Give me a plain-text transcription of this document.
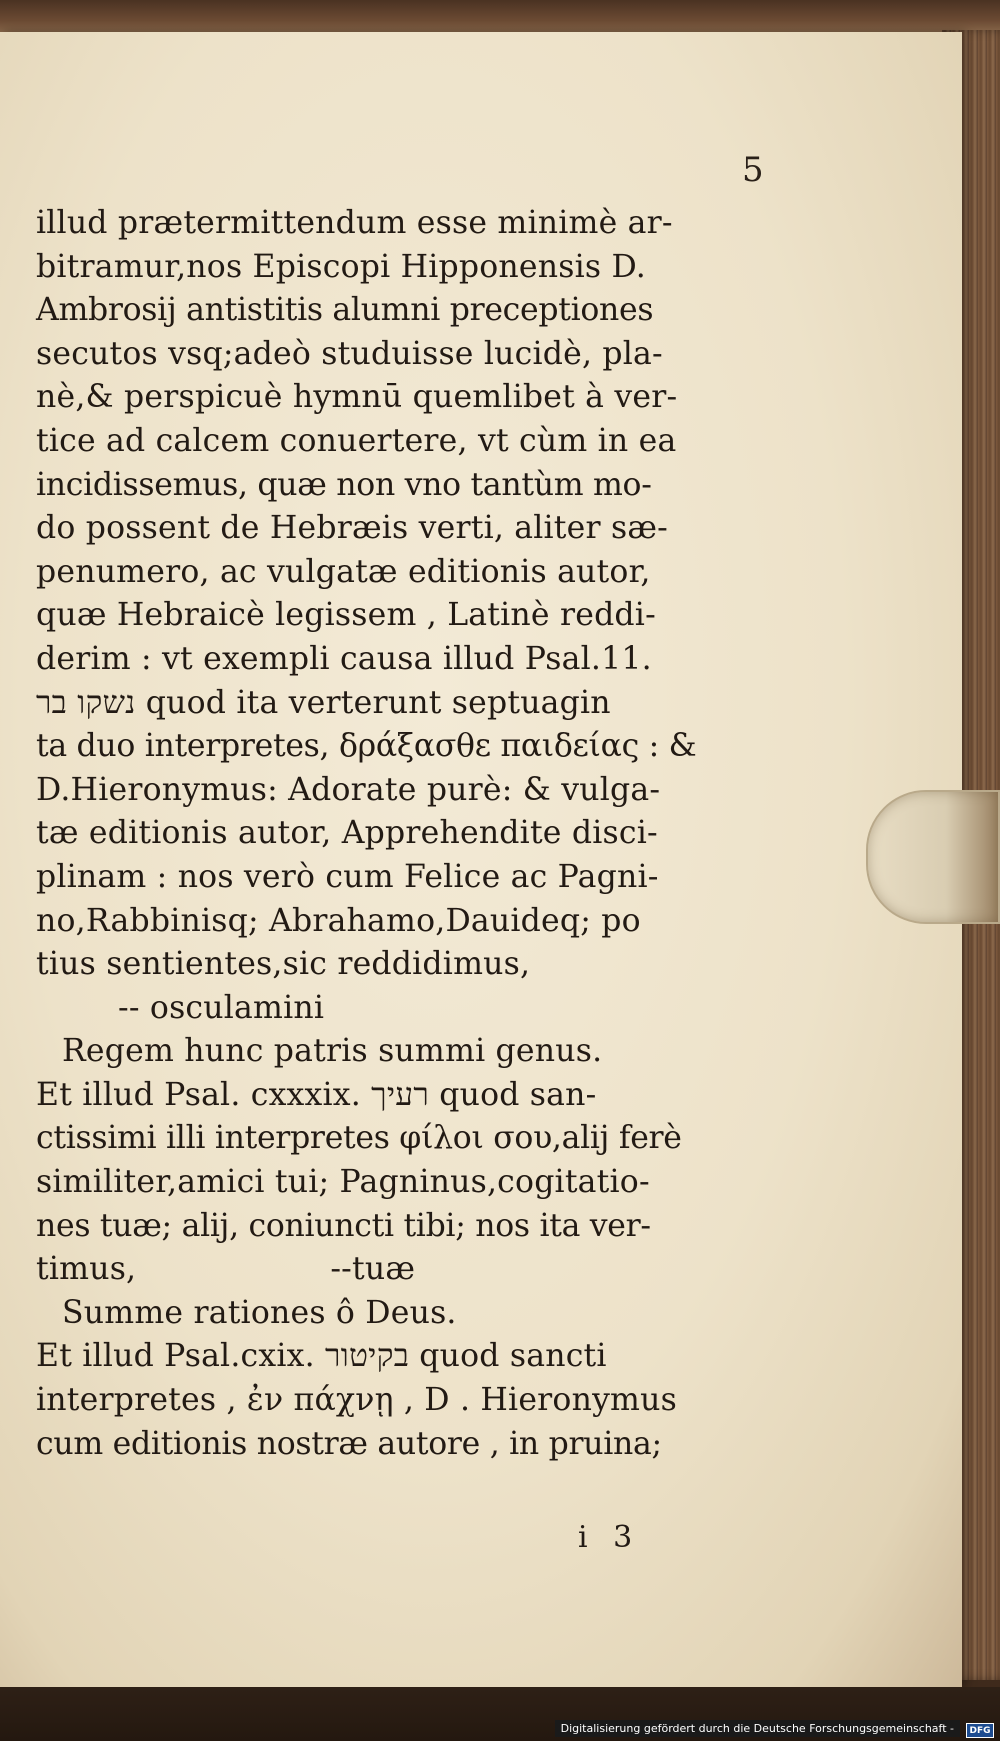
5
illud prætermittendum esse minimè ar-
bitramur,nos Episcopi Hipponensis D.
Ambrosij antistitis alumni preceptiones
secutos vsq;adeò studuisse lucidè, pla-
nè,& perspicuè hymnū quemlibet à ver-
tice ad calcem conuertere, vt cùm in ea
incidissemus, quæ non vno tantùm mo-
do possent de Hebræis verti, aliter sæ-
penumero, ac vulgatæ editionis autor,
quæ Hebraicè legissem , Latinè reddi-
derim : vt exempli causa illud Psal.11.
נשקו בר quod ita verterunt septuagin
ta duo interpretes, δράξασθε παιδείας : &
D.Hieronymus: Adorate purè: & vulga-
tæ editionis autor, Apprehendite disci-
plinam : nos verò cum Felice ac Pagni-
no,Rabbinisq; Abrahamo,Dauideq; po
tius sentientes,sic reddidimus,
-- osculamini
Regem hunc patris summi genus.
Et illud Psal. cxxxix. רעיך quod san-
ctissimi illi interpretes φίλοι σου,alij ferè
similiter,amici tui; Pagninus,cogitatio-
nes tuæ; alij, coniuncti tibi; nos ita ver-
timus,                   --tuæ
Summe rationes ô Deus.
Et illud Psal.cxix. בקיטור quod sancti
interpretes , ἐν πάχνῃ , D . Hieronymus
cum editionis nostræ autore , in pruina;
i 3
Digitalisierung gefördert durch die Deutsche Forschungsgemeinschaft -	DFG
